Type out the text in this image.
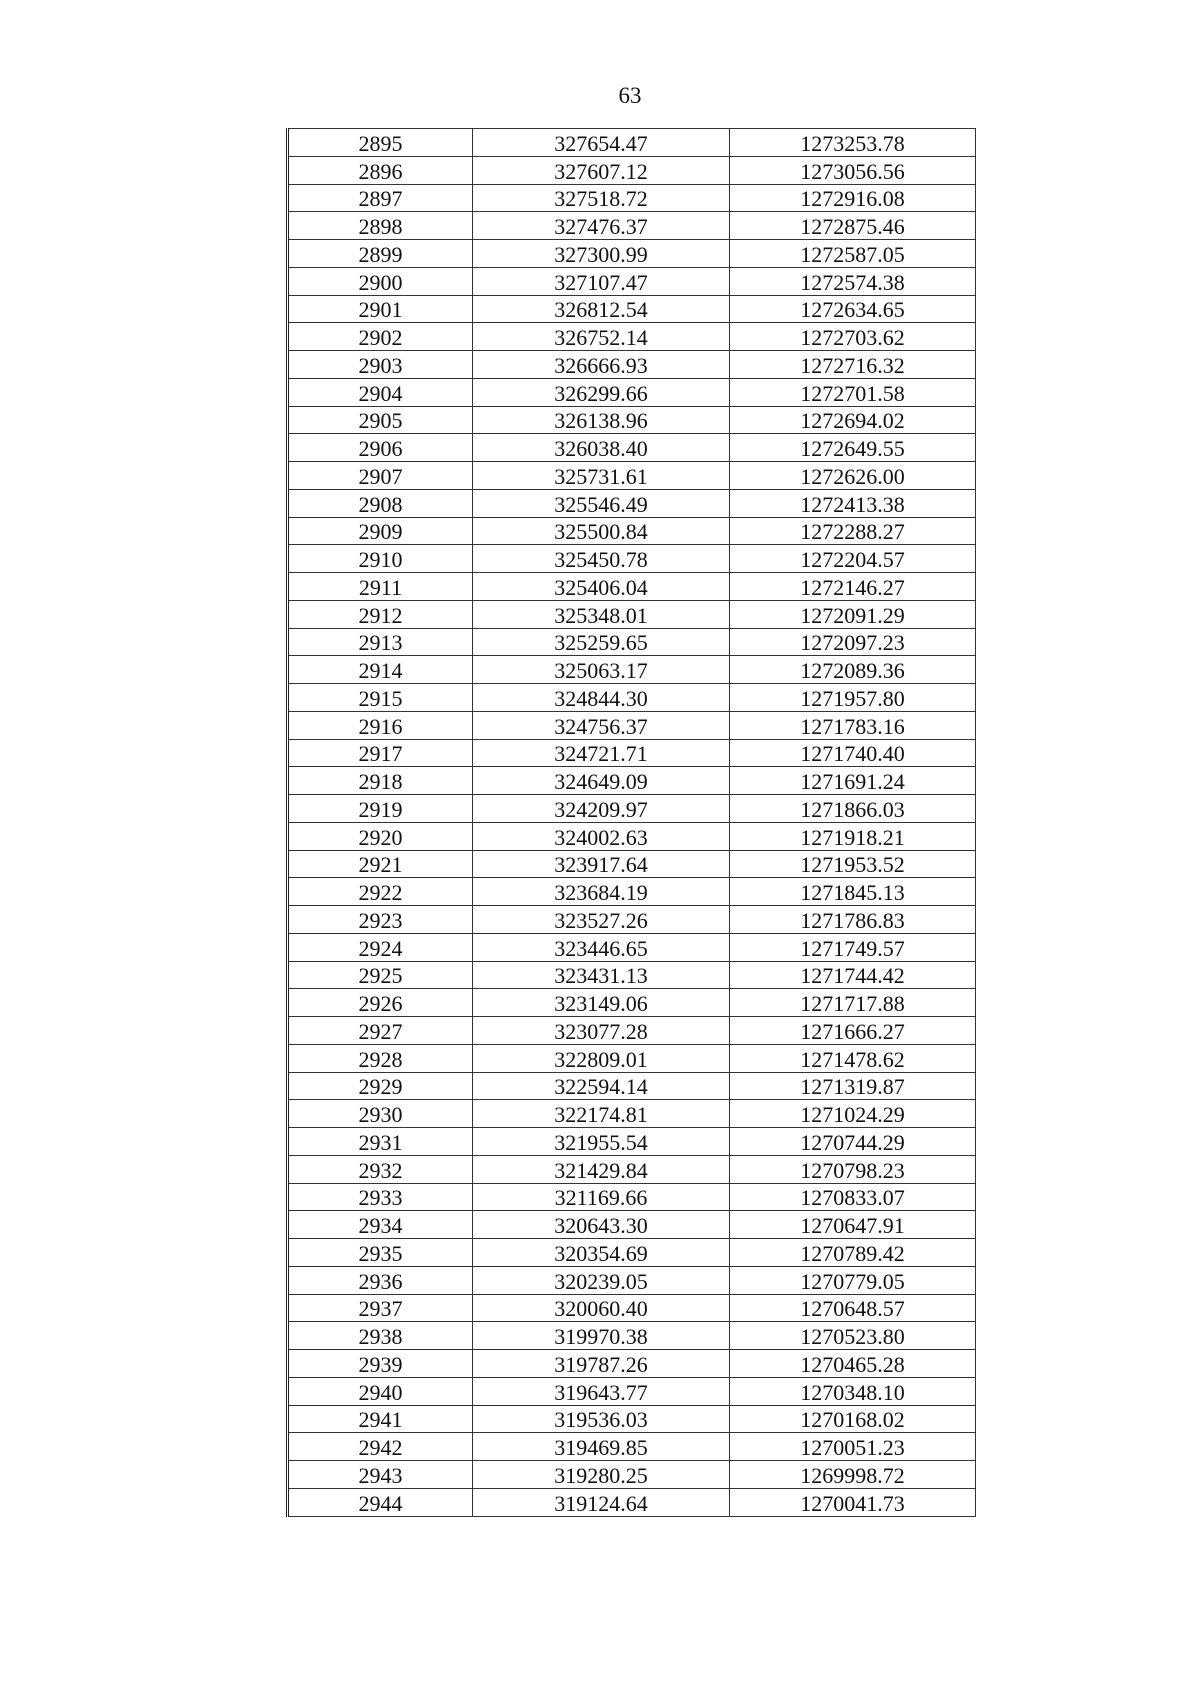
63
2895	327654.47	1273253.78
2896	327607.12	1273056.56
2897	327518.72	1272916.08
2898	327476.37	1272875.46
2899	327300.99	1272587.05
2900	327107.47	1272574.38
2901	326812.54	1272634.65
2902	326752.14	1272703.62
2903	326666.93	1272716.32
2904	326299.66	1272701.58
2905	326138.96	1272694.02
2906	326038.40	1272649.55
2907	325731.61	1272626.00
2908	325546.49	1272413.38
2909	325500.84	1272288.27
2910	325450.78	1272204.57
2911	325406.04	1272146.27
2912	325348.01	1272091.29
2913	325259.65	1272097.23
2914	325063.17	1272089.36
2915	324844.30	1271957.80
2916	324756.37	1271783.16
2917	324721.71	1271740.40
2918	324649.09	1271691.24
2919	324209.97	1271866.03
2920	324002.63	1271918.21
2921	323917.64	1271953.52
2922	323684.19	1271845.13
2923	323527.26	1271786.83
2924	323446.65	1271749.57
2925	323431.13	1271744.42
2926	323149.06	1271717.88
2927	323077.28	1271666.27
2928	322809.01	1271478.62
2929	322594.14	1271319.87
2930	322174.81	1271024.29
2931	321955.54	1270744.29
2932	321429.84	1270798.23
2933	321169.66	1270833.07
2934	320643.30	1270647.91
2935	320354.69	1270789.42
2936	320239.05	1270779.05
2937	320060.40	1270648.57
2938	319970.38	1270523.80
2939	319787.26	1270465.28
2940	319643.77	1270348.10
2941	319536.03	1270168.02
2942	319469.85	1270051.23
2943	319280.25	1269998.72
2944	319124.64	1270041.73
